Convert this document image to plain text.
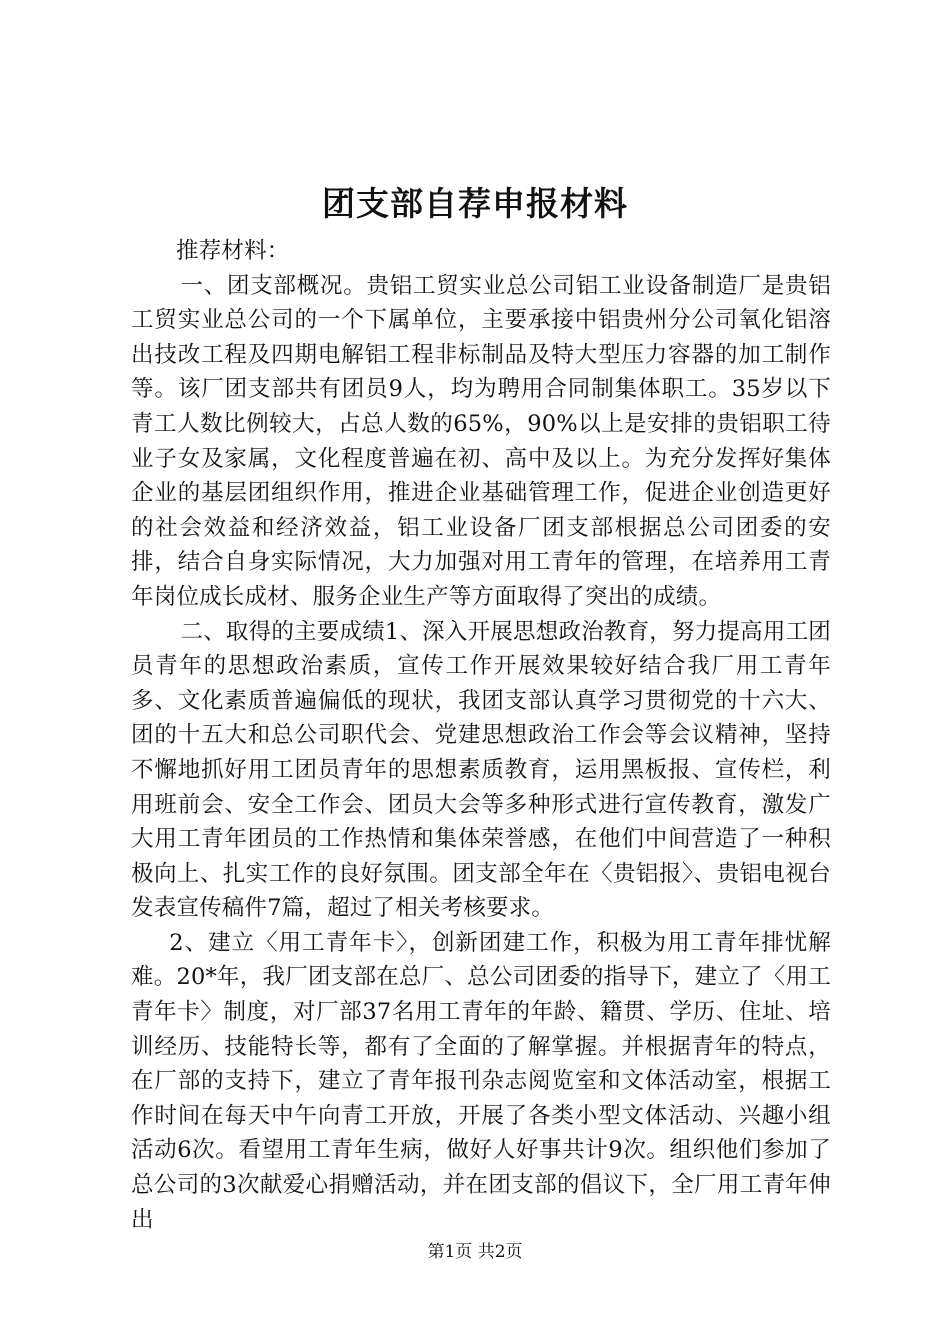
团支部自荐申报材料

推荐材料：

一、团支部概况。贵铝工贸实业总公司铝工业设备制造厂是贵铝工贸实业总公司的一个下属单位，主要承接中铝贵州分公司氧化铝溶出技改工程及四期电解铝工程非标制品及特大型压力容器的加工制作等。该厂团支部共有团员9人，均为聘用合同制集体职工。35岁以下青工人数比例较大，占总人数的65%，90%以上是安排的贵铝职工待业子女及家属，文化程度普遍在初、高中及以上。为充分发挥好集体企业的基层团组织作用，推进企业基础管理工作，促进企业创造更好的社会效益和经济效益，铝工业设备厂团支部根据总公司团委的安排，结合自身实际情况，大力加强对用工青年的管理，在培养用工青年岗位成长成材、服务企业生产等方面取得了突出的成绩。

二、取得的主要成绩1、深入开展思想政治教育，努力提高用工团员青年的思想政治素质，宣传工作开展效果较好结合我厂用工青年多、文化素质普遍偏低的现状，我团支部认真学习贯彻党的十六大、团的十五大和总公司职代会、党建思想政治工作会等会议精神，坚持不懈地抓好用工团员青年的思想素质教育，运用黑板报、宣传栏，利用班前会、安全工作会、团员大会等多种形式进行宣传教育，激发广大用工青年团员的工作热情和集体荣誉感，在他们中间营造了一种积极向上、扎实工作的良好氛围。团支部全年在〈贵铝报〉、贵铝电视台发表宣传稿件7篇，超过了相关考核要求。

2、建立〈用工青年卡〉，创新团建工作，积极为用工青年排忧解难。20*年，我厂团支部在总厂、总公司团委的指导下，建立了〈用工青年卡〉制度，对厂部37名用工青年的年龄、籍贯、学历、住址、培训经历、技能特长等，都有了全面的了解掌握。并根据青年的特点，在厂部的支持下，建立了青年报刊杂志阅览室和文体活动室，根据工作时间在每天中午向青工开放，开展了各类小型文体活动、兴趣小组活动6次。看望用工青年生病，做好人好事共计9次。组织他们参加了总公司的3次献爱心捐赠活动，并在团支部的倡议下，全厂用工青年伸出

第1页 共2页
